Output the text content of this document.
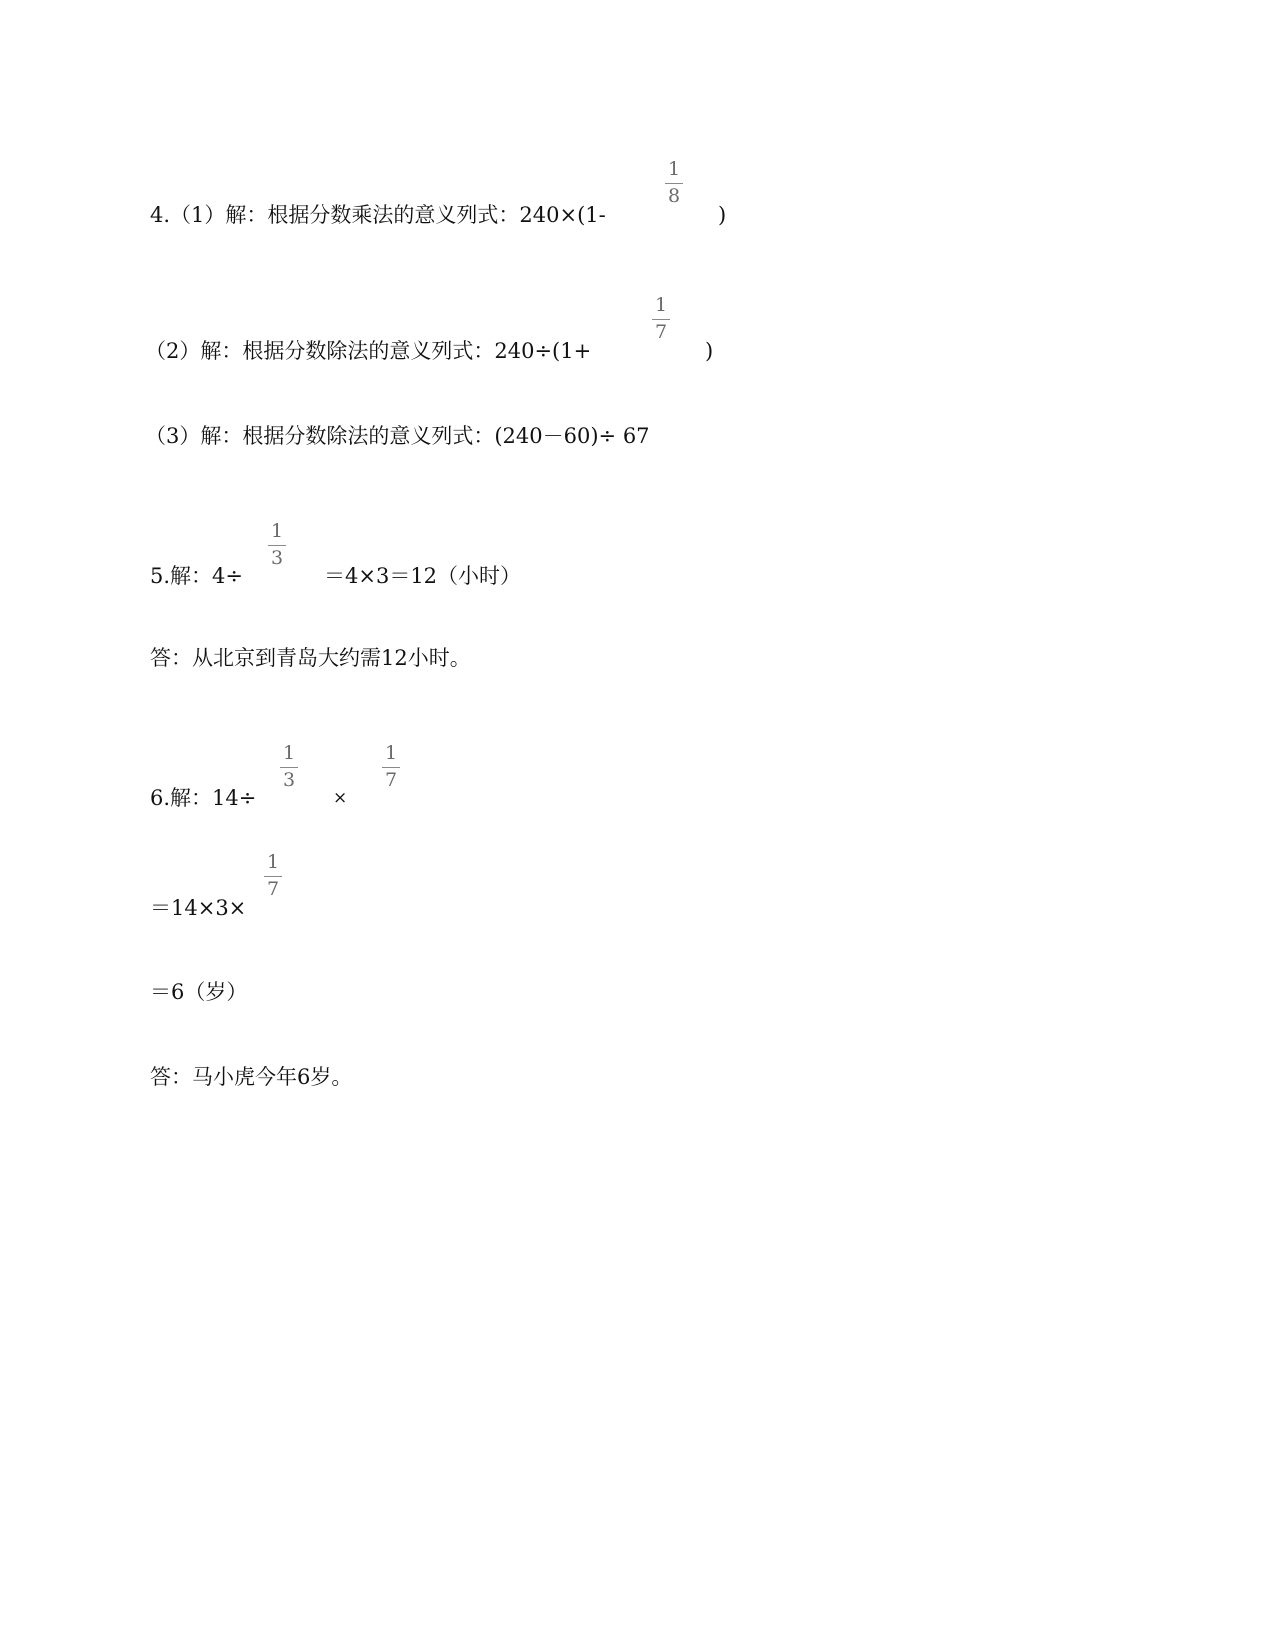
4.（1）解：根据分数乘法的意义列式：240×(1-
1
8
)
（2）解：根据分数除法的意义列式：240÷(1+
1
7
)
（3）解：根据分数除法的意义列式：(240－60)÷ 67
5.解：4÷
1
3
＝4×3＝12（小时）
答：从北京到青岛大约需12小时。
6.解：14÷
1
3
×
1
7
＝14×3×
1
7
＝6（岁）
答：马小虎今年6岁。
